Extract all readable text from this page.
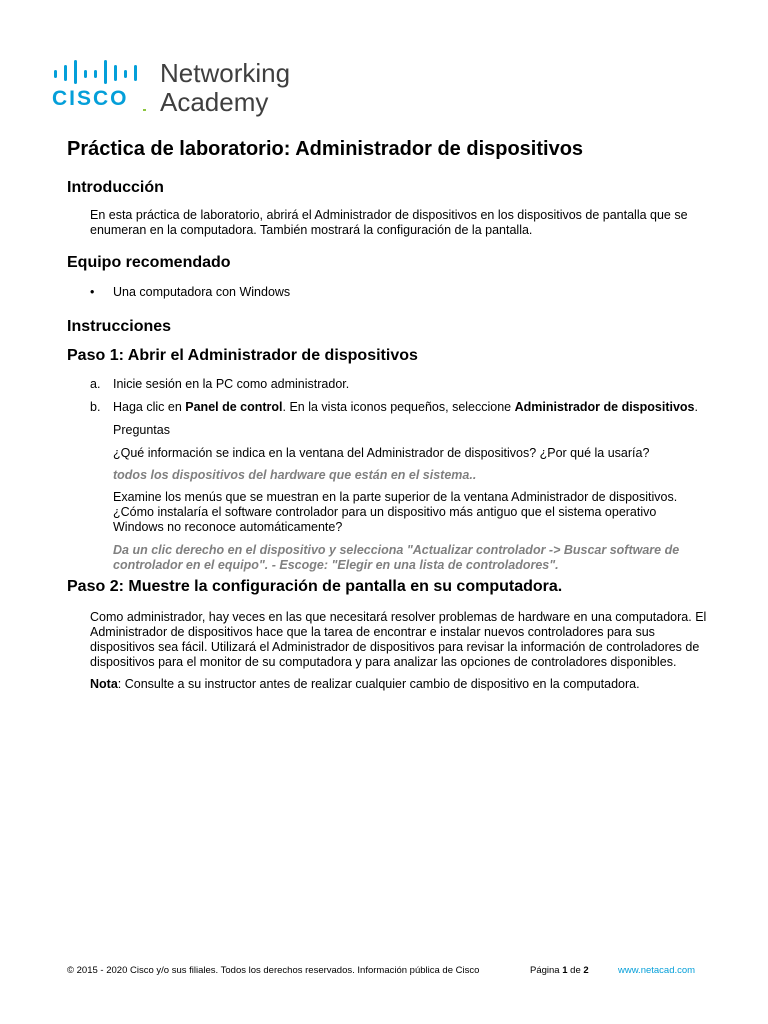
CISCO
Networking
Academy
Práctica de laboratorio: Administrador de dispositivos
Introducción
En esta práctica de laboratorio, abrirá el Administrador de dispositivos en los dispositivos de pantalla que se enumeran en la computadora. También mostrará la configuración de la pantalla.
Equipo recomendado
• Una computadora con Windows
Instrucciones
Paso 1: Abrir el Administrador de dispositivos
a. Inicie sesión en la PC como administrador.
b. Haga clic en Panel de control. En la vista iconos pequeños, seleccione Administrador de dispositivos.
Preguntas
¿Qué información se indica en la ventana del Administrador de dispositivos? ¿Por qué la usaría?
todos los dispositivos del hardware que están en el sistema..
Examine los menús que se muestran en la parte superior de la ventana Administrador de dispositivos. ¿Cómo instalaría el software controlador para un dispositivo más antiguo que el sistema operativo Windows no reconoce automáticamente?
Da un clic derecho en el dispositivo y selecciona "Actualizar controlador -> Buscar software de controlador en el equipo". - Escoge: "Elegir en una lista de controladores".
Paso 2: Muestre la configuración de pantalla en su computadora.
Como administrador, hay veces en las que necesitará resolver problemas de hardware en una computadora. El Administrador de dispositivos hace que la tarea de encontrar e instalar nuevos controladores para sus dispositivos sea fácil. Utilizará el Administrador de dispositivos para revisar la información de controladores de dispositivos para el monitor de su computadora y para analizar las opciones de controladores disponibles.
Nota: Consulte a su instructor antes de realizar cualquier cambio de dispositivo en la computadora.
© 2015 - 2020 Cisco y/o sus filiales. Todos los derechos reservados. Información pública de Cisco	Página 1 de 2	www.netacad.com
